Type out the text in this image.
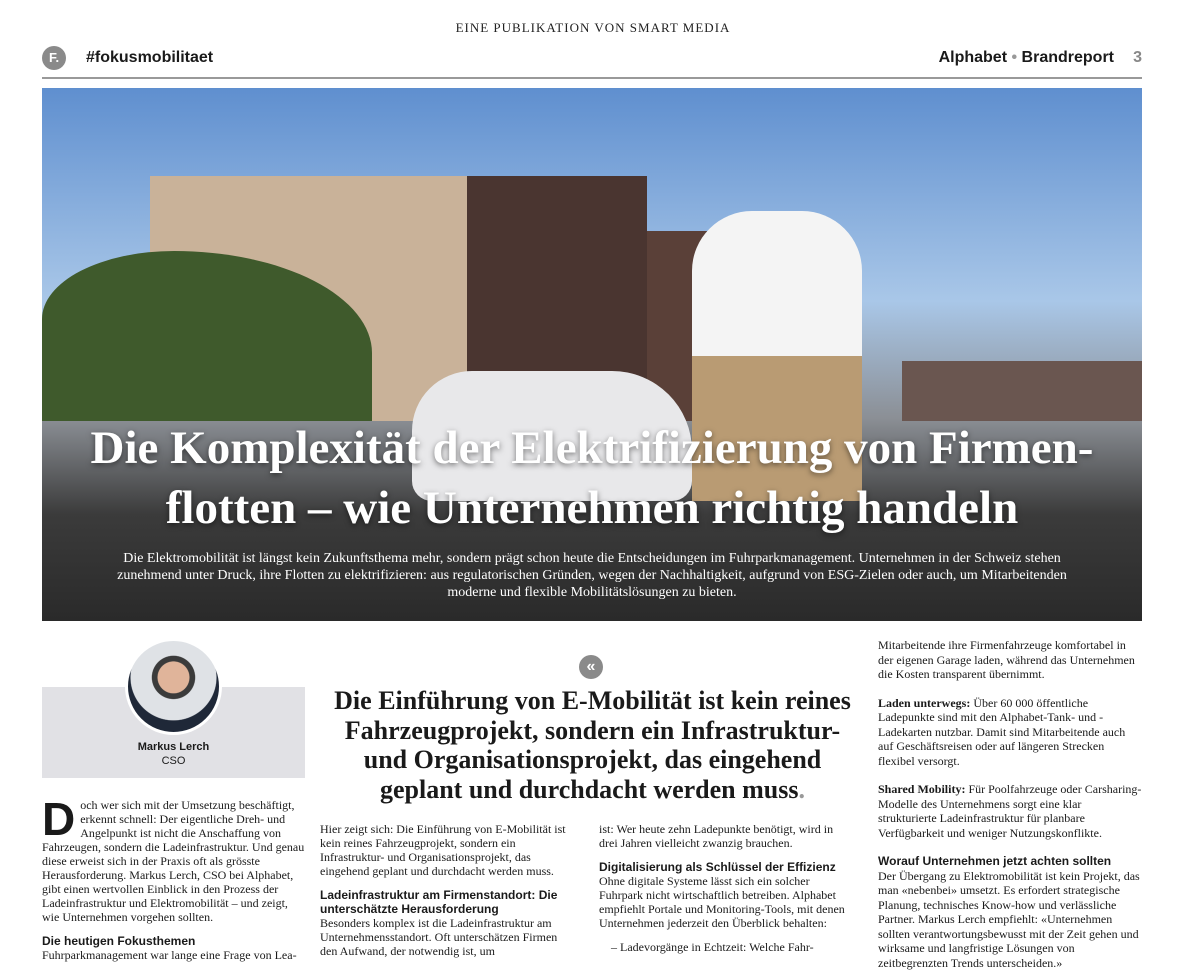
EINE PUBLIKATION VON SMART MEDIA
F.	#fokusmobilitaet	Alphabet • Brandreport 3
Die Komplexität der Elektrifizierung von Firmen-
flotten – wie Unternehmen richtig handeln
Die Elektromobilität ist längst kein Zukunftsthema mehr, sondern prägt schon heute die Entscheidungen im Fuhrparkmanagement. Unternehmen in der Schweiz stehen zunehmend unter Druck, ihre Flotten zu elektrifizieren: aus regulatorischen Gründen, wegen der Nachhaltigkeit, aufgrund von ESG-Zielen oder auch, um Mitarbeitenden moderne und flexible Mobilitätslösungen zu bieten.
Markus Lerch
CSO
«
Die Einführung von E-Mobilität ist kein reines Fahrzeugprojekt, sondern ein Infrastruktur- und Organisationsprojekt, das eingehend geplant und durchdacht werden muss.

Doch wer sich mit der Umsetzung beschäftigt, erkennt schnell: Der eigentliche Dreh- und Angelpunkt ist nicht die Anschaffung von Fahrzeugen, sondern die Ladeinfrastruktur. Und genau diese erweist sich in der Praxis oft als grösste Herausforderung. Markus Lerch, CSO bei Alphabet, gibt einen wertvollen Einblick in den Prozess der Ladeinfrastruktur und Elektromobilität – und zeigt, wie Unternehmen vorgehen sollten.

Die heutigen Fokusthemen

Fuhrparkmanagement war lange eine Frage von Lea-

Hier zeigt sich: Die Einführung von E-Mobilität ist kein reines Fahrzeugprojekt, sondern ein Infrastruktur- und Organisationsprojekt, das eingehend geplant und durchdacht werden muss.

Ladeinfrastruktur am Firmenstandort: Die unterschätzte Herausforderung

Besonders komplex ist die Ladeinfrastruktur am Unternehmensstandort. Oft unterschätzen Firmen den Aufwand, der notwendig ist, um

ist: Wer heute zehn Ladepunkte benötigt, wird in drei Jahren vielleicht zwanzig brauchen.

Digitalisierung als Schlüssel der Effizienz

Ohne digitale Systeme lässt sich ein solcher Fuhrpark nicht wirtschaftlich betreiben. Alphabet empfiehlt Portale und Monitoring-Tools, mit denen Unternehmen jederzeit den Überblick behalten:

– Ladevorgänge in Echtzeit: Welche Fahr-

Mitarbeitende ihre Firmenfahrzeuge komfortabel in der eigenen Garage laden, während das Unternehmen die Kosten transparent übernimmt.

Laden unterwegs: Über 60 000 öffentliche Ladepunkte sind mit den Alphabet-Tank- und -Ladekarten nutzbar. Damit sind Mitarbeitende auch auf Geschäftsreisen oder auf längeren Strecken flexibel versorgt.

Shared Mobility: Für Poolfahrzeuge oder Carsharing-Modelle des Unternehmens sorgt eine klar strukturierte Ladeinfrastruktur für planbare Verfügbarkeit und weniger Nutzungskonflikte.

Worauf Unternehmen jetzt achten sollten

Der Übergang zu Elektromobilität ist kein Projekt, das man «nebenbei» umsetzt. Es erfordert strategische Planung, technisches Know-how und verlässliche Partner. Markus Lerch empfiehlt: «Unternehmen sollten verantwortungsbewusst mit der Zeit gehen und wirksame und langfristige Lösungen von zeitbegrenzten Trends unterscheiden.»
